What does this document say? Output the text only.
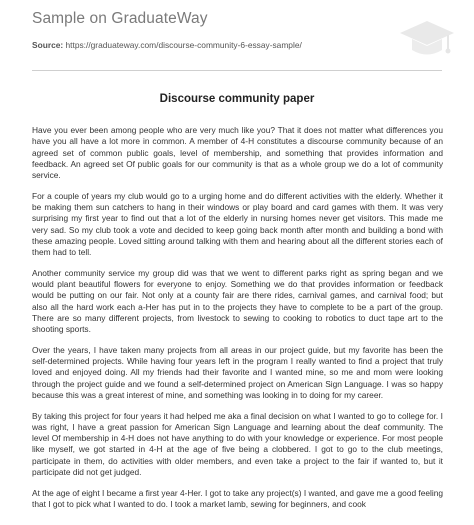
Sample on GraduateWay
Source: https://graduateway.com/discourse-community-6-essay-sample/
Discourse community paper

Have you ever been among people who are very much like you? That it does not matter what differences you have you all have a lot more in common. A member of 4-H constitutes a discourse community because of an agreed set of common public goals, level of membership, and something that provides information and feedback. An agreed set Of public goals for our community is that as a whole group we do a lot of community service.

For a couple of years my club would go to a urging home and do different activities with the elderly. Whether it be making them sun catchers to hang in their windows or play board and card games with them. It was very surprising my first year to find out that a lot of the elderly in nursing homes never get visitors. This made me very sad. So my club took a vote and decided to keep going back month after month and building a bond with these amazing people. Loved sitting around talking with them and hearing about all the different stories each of them had to tell.

Another community service my group did was that we went to different parks right as spring began and we would plant beautiful flowers for everyone to enjoy. Something we do that provides information or feedback would be putting on our fair. Not only at a county fair are there rides, carnival games, and carnival food; but also all the hard work each a-Her has put in to the projects they have to complete to be a part of the group. There are so many different projects, from livestock to sewing to cooking to robotics to duct tape art to the shooting sports.

Over the years, I have taken many projects from all areas in our project guide, but my favorite has been the self-determined projects. While having four years left in the program I really wanted to find a project that truly loved and enjoyed doing. All my friends had their favorite and I wanted mine, so me and mom were looking through the project guide and we found a self-determined project on American Sign Language. I was so happy because this was a great interest of mine, and something was looking in to doing for my career.

By taking this project for four years it had helped me aka a final decision on what I wanted to go to college for. I was right, I have a great passion for American Sign Language and learning about the deaf community. The level Of membership in 4-H does not have anything to do with your knowledge or experience. For most people like myself, we got started in 4-H at the age of five being a clobbered. I got to go to the club meetings, participate in them, do activities with older members, and even take a project to the fair if wanted to, but it participate did not get judged.

At the age of eight I became a first year 4-Her. I got to take any project(s) I wanted, and gave me a good feeling that I got to pick what I wanted to do. I took a market lamb, sewing for beginners, and cook
